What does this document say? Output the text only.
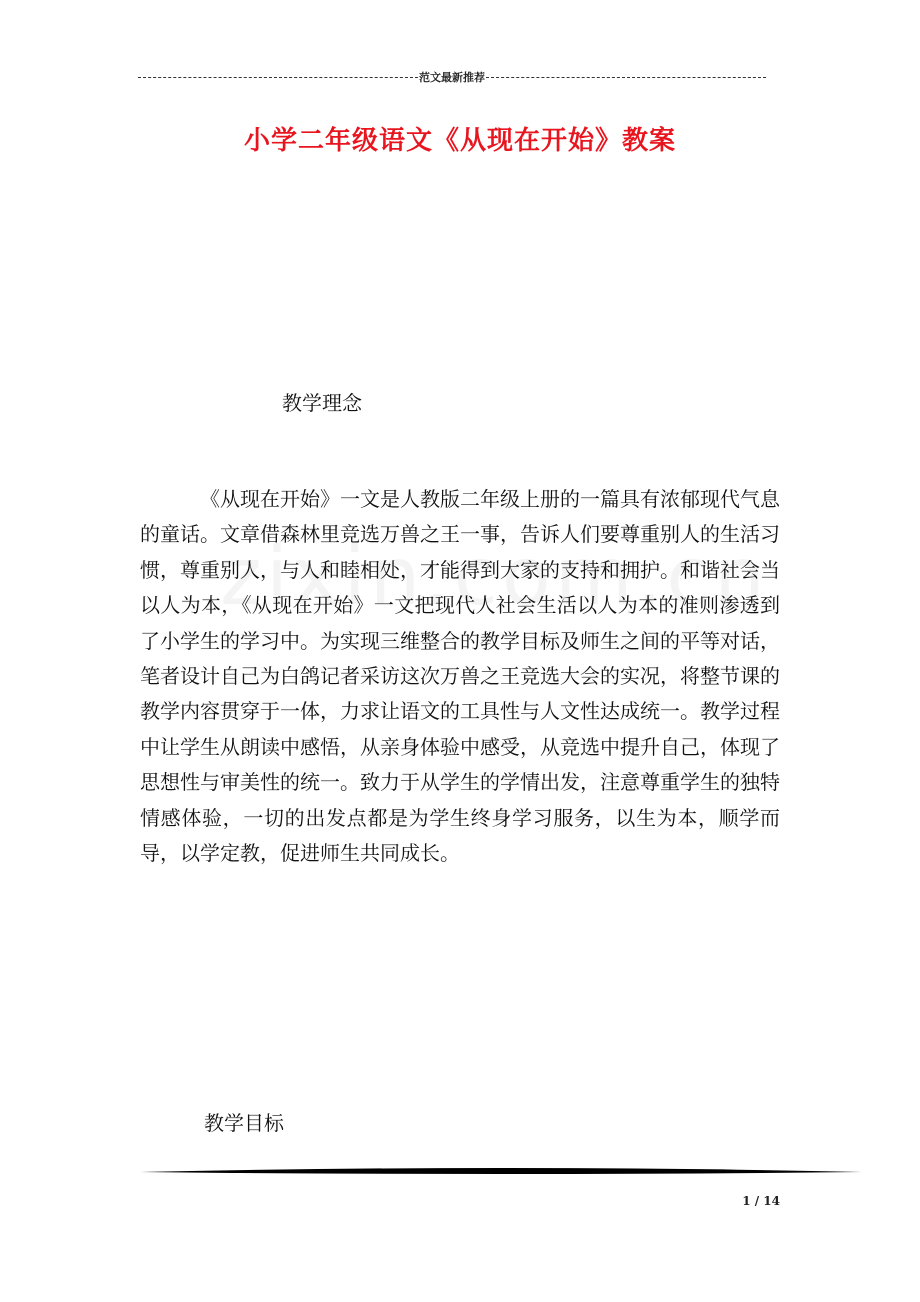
范文最新推荐
小学二年级语文《从现在开始》教案
教学理念

《从现在开始》一文是人教版二年级上册的一篇具有浓郁现代气息的童话。文章借森林里竞选万兽之王一事，告诉人们要尊重别人的生活习惯，尊重别人，与人和睦相处，才能得到大家的支持和拥护。和谐社会当以人为本，《从现在开始》一文把现代人社会生活以人为本的准则渗透到了小学生的学习中。为实现三维整合的教学目标及师生之间的平等对话，笔者设计自己为白鸽记者采访这次万兽之王竞选大会的实况，将整节课的教学内容贯穿于一体，力求让语文的工具性与人文性达成统一。教学过程中让学生从朗读中感悟，从亲身体验中感受，从竞选中提升自己，体现了思想性与审美性的统一。致力于从学生的学情出发，注意尊重学生的独特情感体验，一切的出发点都是为学生终身学习服务，以生为本，顺学而导，以学定教，促进师生共同成长。

教学目标
1 / 14
